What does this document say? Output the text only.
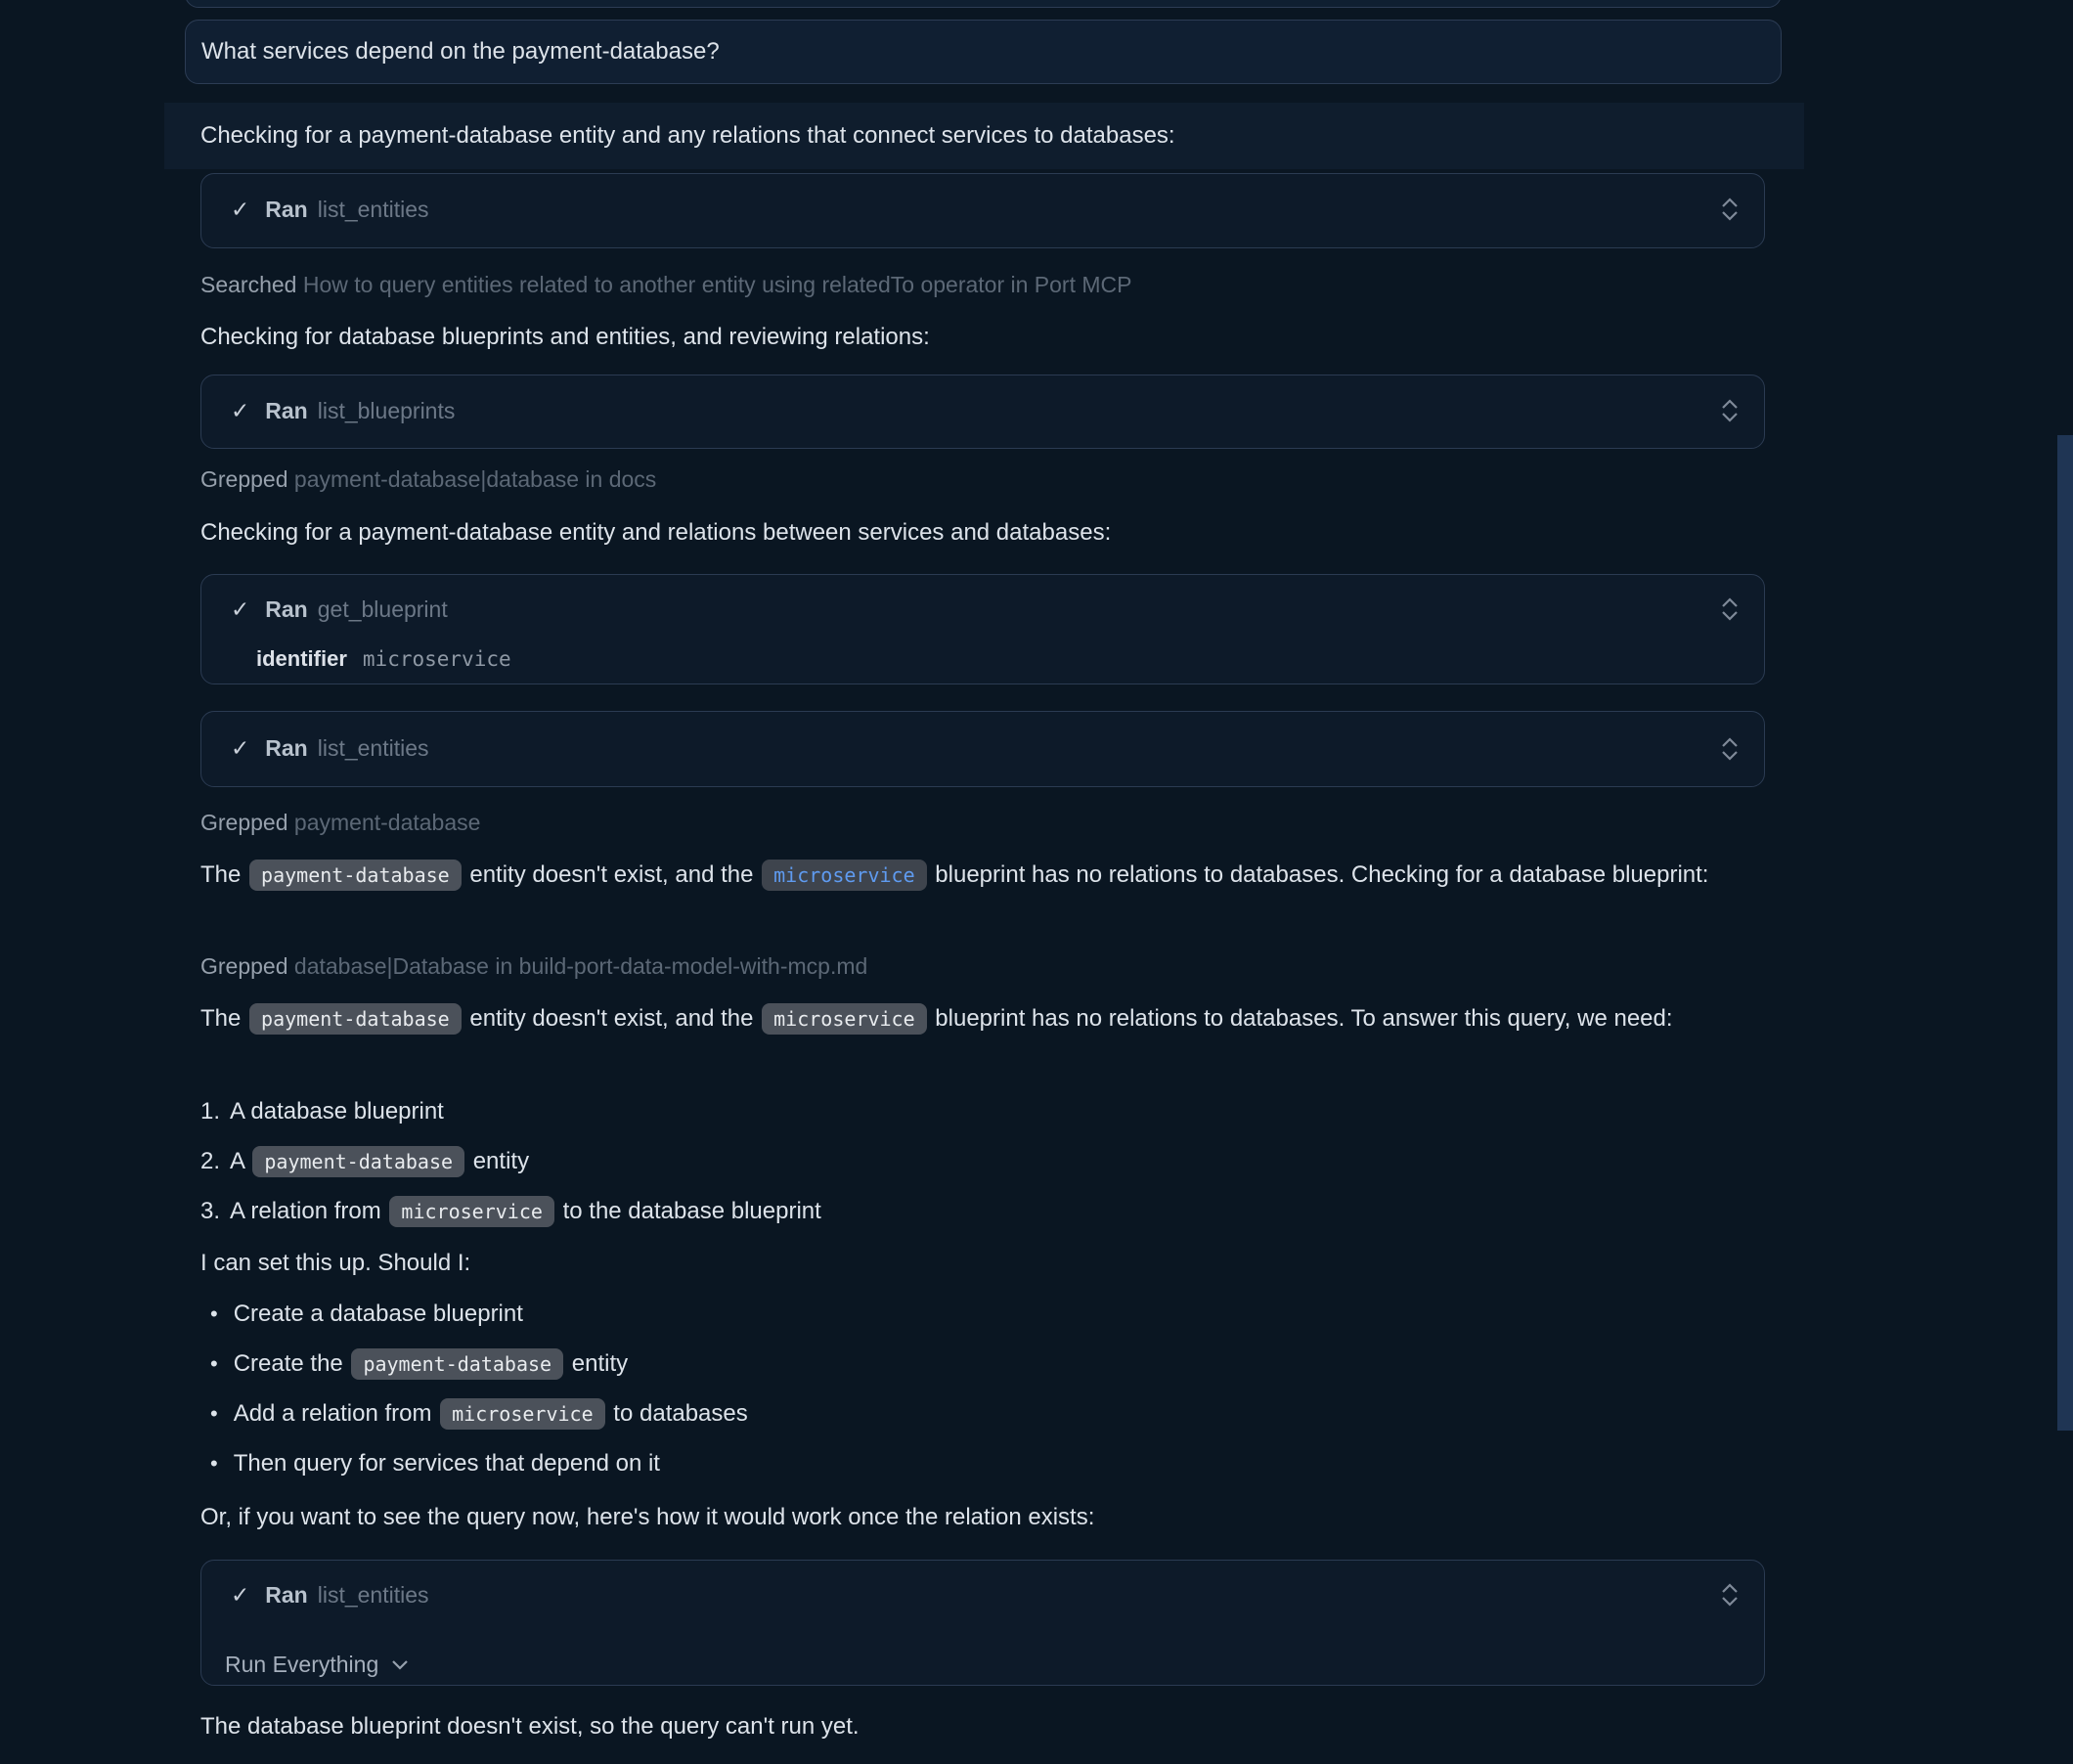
What services depend on the payment-database?
Checking for a payment-database entity and any relations that connect services to databases:
✓ Ran list_entities
Searched How to query entities related to another entity using relatedTo operator in Port MCP
Checking for database blueprints and entities, and reviewing relations:
✓ Ran list_blueprints
Grepped payment-database|database in docs
Checking for a payment-database entity and relations between services and databases:
✓ Ran get_blueprint
identifier microservice
✓ Ran list_entities
Grepped payment-database
The payment-database entity doesn't exist, and the microservice blueprint has no relations to databases. Checking for a database blueprint:
Grepped database|Database in build-port-data-model-with-mcp.md
The payment-database entity doesn't exist, and the microservice blueprint has no relations to databases. To answer this query, we need:
1. A database blueprint
2. A payment-database entity
3. A relation from microservice to the database blueprint
I can set this up. Should I:
• Create a database blueprint
• Create the payment-database entity
• Add a relation from microservice to databases
• Then query for services that depend on it
Or, if you want to see the query now, here's how it would work once the relation exists:
✓ Ran list_entities
Run Everything
The database blueprint doesn't exist, so the query can't run yet.
